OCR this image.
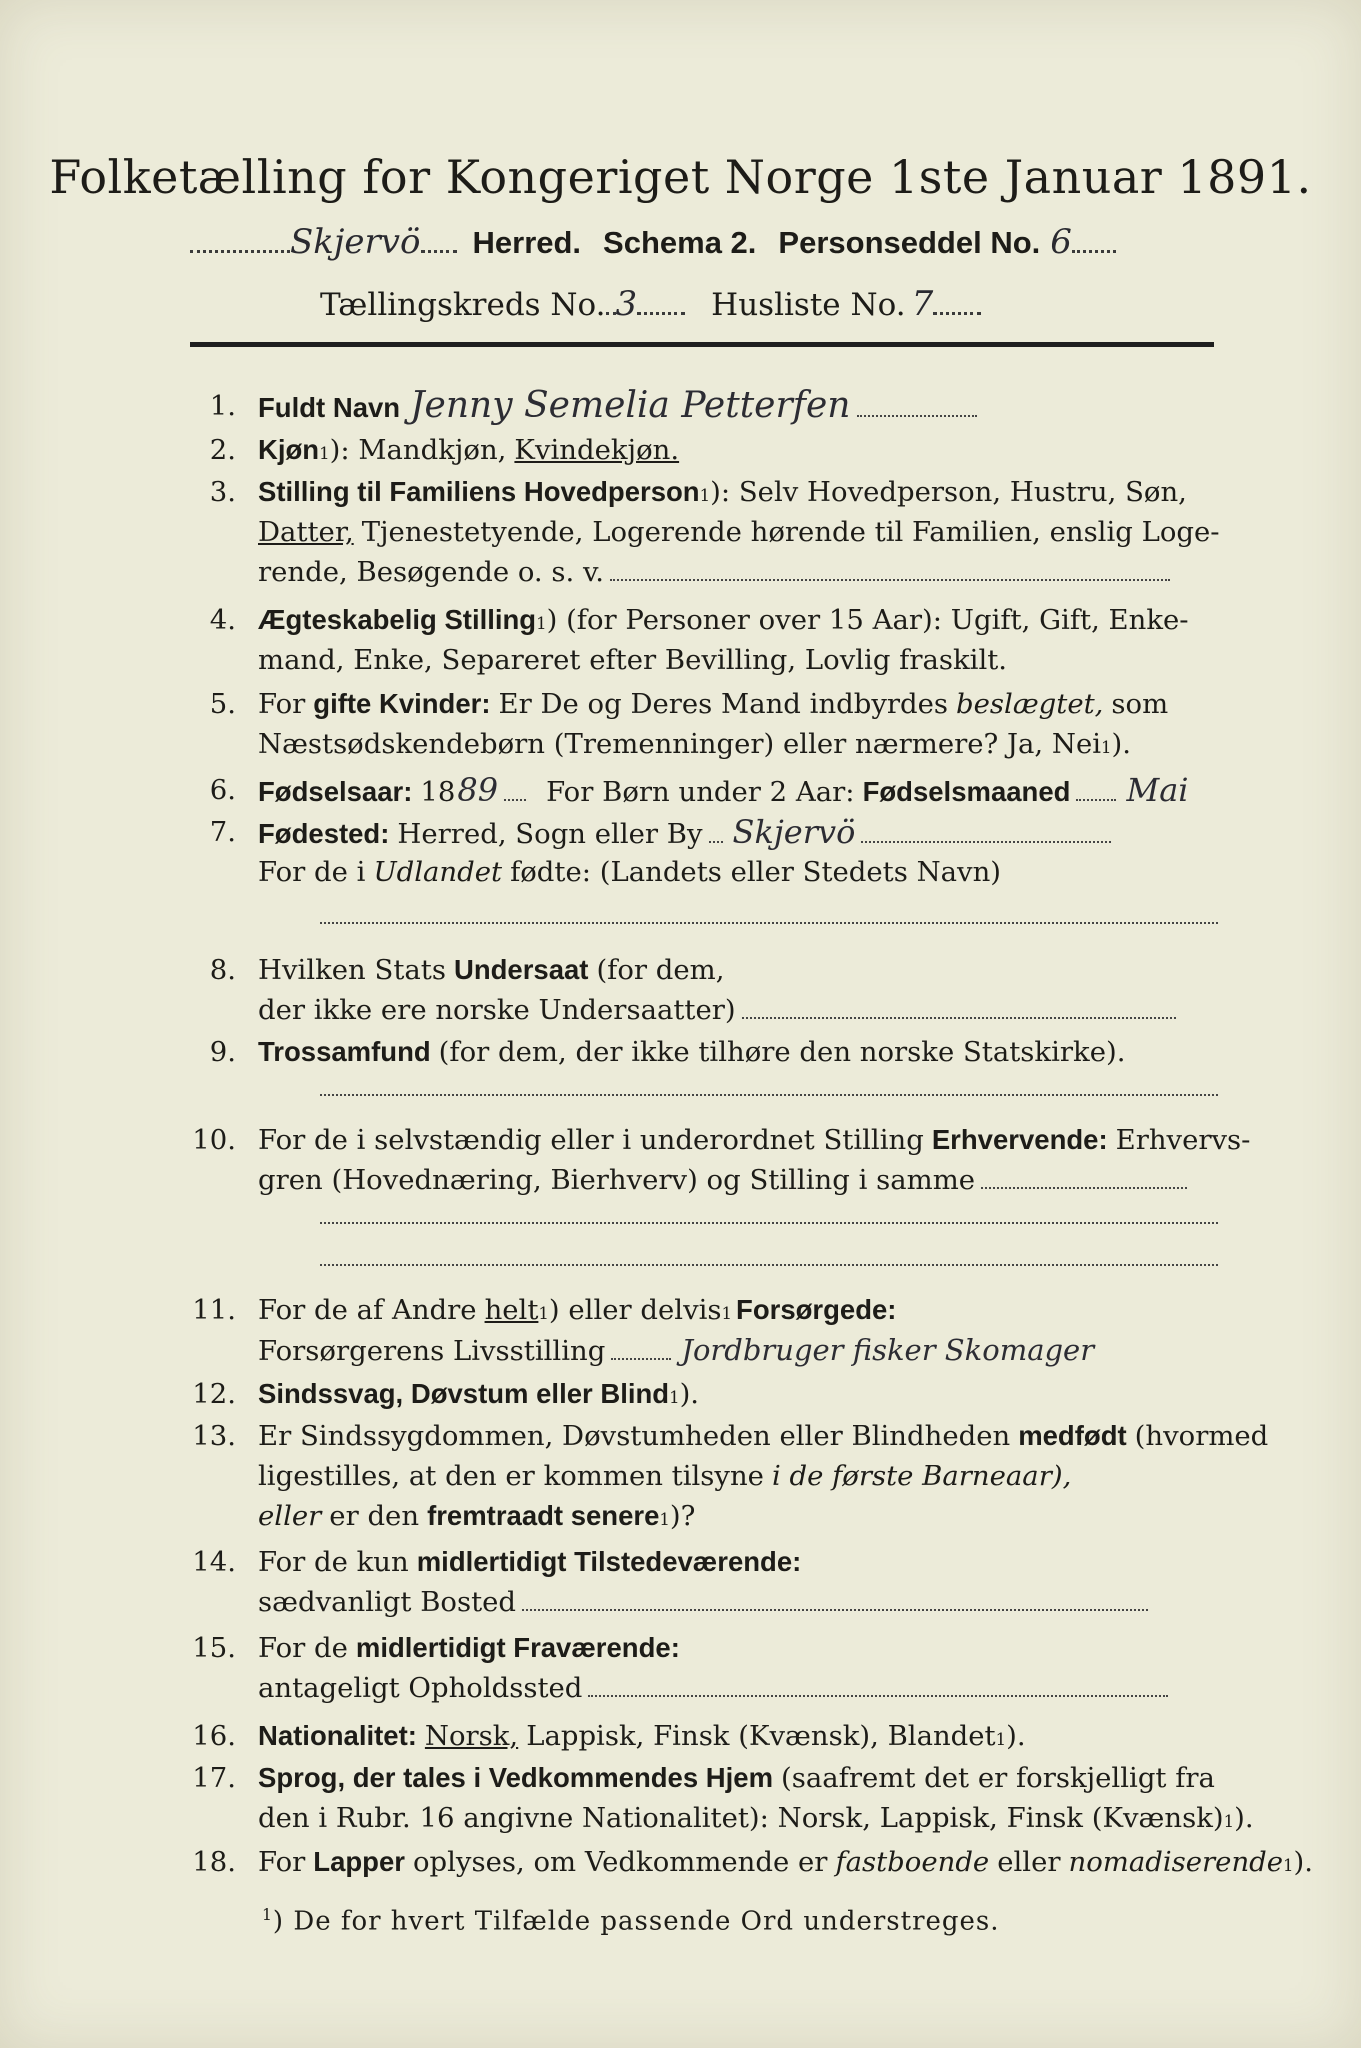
Folketælling for Kongeriget Norge 1ste Januar 1891.
Skjervö Herred. Schema 2. Personseddel No. 6
Tællingskreds No. 3 Husliste No. 7
1. Fuldt Navn Jenny Semelia Petterfen
2. Kjøn 1 ): Mandkjøn, Kvindekjøn.
3. Stilling til Familiens Hovedperson 1 ): Selv Hovedperson, Hustru, Søn,
Datter, Tjenestetyende, Logerende hørende til Familien, enslig Loge-
rende, Besøgende o. s. v.
4. Ægteskabelig Stilling 1 ) (for Personer over 15 Aar): Ugift, Gift, Enke-
mand, Enke, Separeret efter Bevilling, Lovlig fraskilt.
5. For gifte Kvinder: Er De og Deres Mand indbyrdes beslægtet, som
Næstsødskendebørn (Tremenninger) eller nærmere? Ja, Nei 1 ).
6. Fødselsaar: 18 89 For Børn under 2 Aar: Fødselsmaaned Mai
7. Fødested: Herred, Sogn eller By Skjervö
For de i Udlandet fødte: (Landets eller Stedets Navn)
8. Hvilken Stats Undersaat (for dem,
der ikke ere norske Undersaatter)
9. Trossamfund (for dem, der ikke tilhøre den norske Statskirke).
10. For de i selvstændig eller i underordnet Stilling Erhvervende: Erhvervs-
gren (Hovednæring, Bierhverv) og Stilling i samme
11. For de af Andre helt 1 ) eller delvis 1 Forsørgede:
Forsørgerens Livsstilling	Jordbruger fisker Skomager
12. Sindssvag, Døvstum eller Blind 1 ).
13. Er Sindssygdommen, Døvstumheden eller Blindheden medfødt (hvormed
ligestilles, at den er kommen tilsyne i de første Barneaar),
eller er den fremtraadt senere 1 )?
14. For de kun midlertidigt Tilstedeværende:
sædvanligt Bosted
15. For de midlertidigt Fraværende:
antageligt Opholdssted
16. Nationalitet: Norsk, Lappisk, Finsk (Kvænsk), Blandet 1 ).
17. Sprog, der tales i Vedkommendes Hjem (saafremt det er forskjelligt fra
den i Rubr. 16 angivne Nationalitet): Norsk, Lappisk, Finsk (Kvænsk) 1 ).
18. For Lapper oplyses, om Vedkommende er fastboende eller nomadiserende 1 ).
$^1$) De for hvert Tilfælde passende Ord understreges.
